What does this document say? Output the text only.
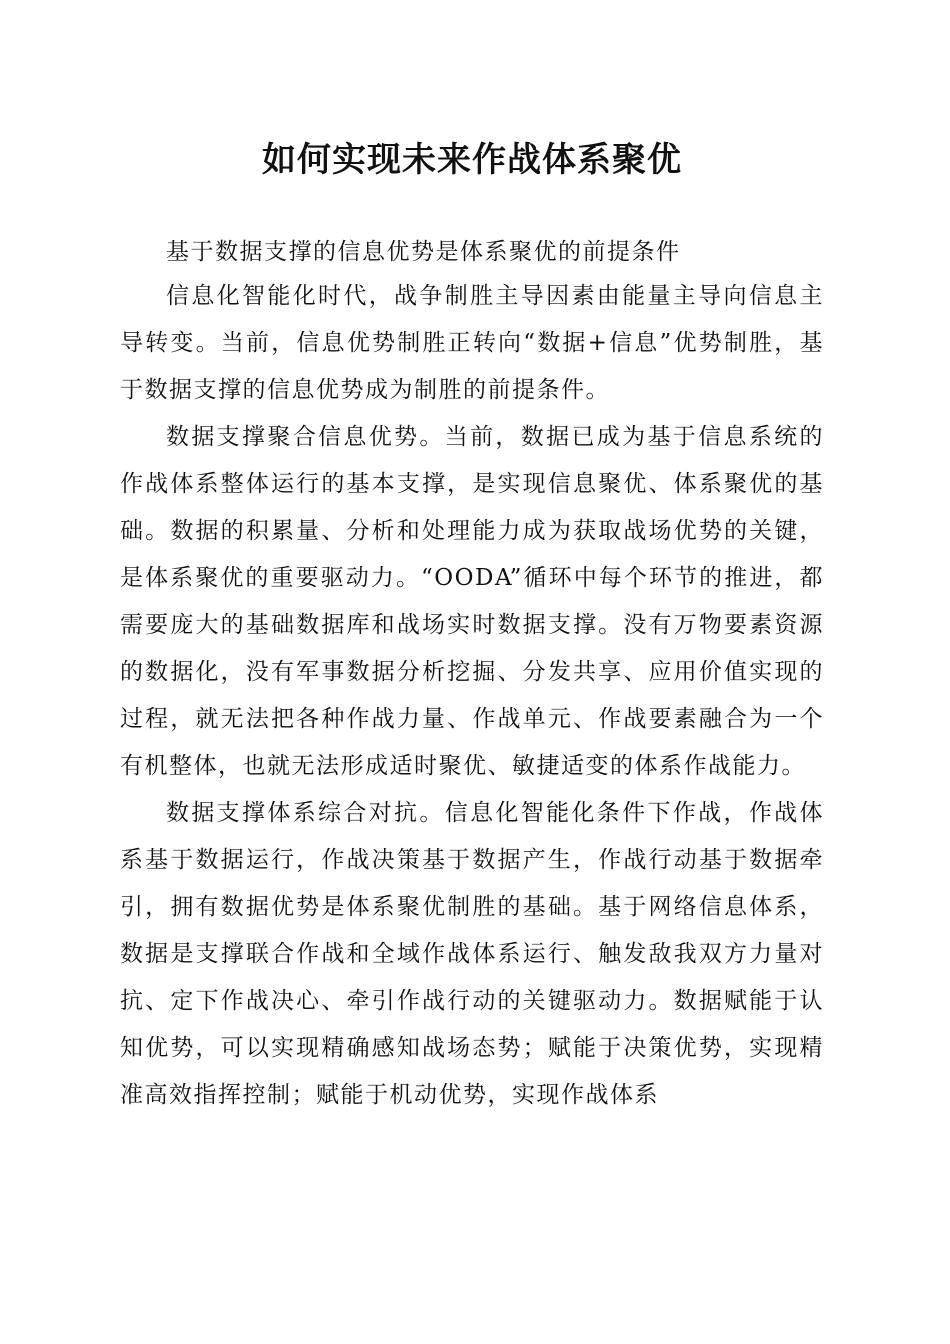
如何实现未来作战体系聚优

基于数据支撑的信息优势是体系聚优的前提条件

信息化智能化时代，战争制胜主导因素由能量主导向信息主导转变。当前，信息优势制胜正转向“数据+信息”优势制胜，基于数据支撑的信息优势成为制胜的前提条件。

数据支撑聚合信息优势。当前，数据已成为基于信息系统的作战体系整体运行的基本支撑，是实现信息聚优、体系聚优的基础。数据的积累量、分析和处理能力成为获取战场优势的关键，是体系聚优的重要驱动力。“OODA”循环中每个环节的推进，都需要庞大的基础数据库和战场实时数据支撑。没有万物要素资源的数据化，没有军事数据分析挖掘、分发共享、应用价值实现的过程，就无法把各种作战力量、作战单元、作战要素融合为一个有机整体，也就无法形成适时聚优、敏捷适变的体系作战能力。

数据支撑体系综合对抗。信息化智能化条件下作战，作战体系基于数据运行，作战决策基于数据产生，作战行动基于数据牵引，拥有数据优势是体系聚优制胜的基础。基于网络信息体系，数据是支撑联合作战和全域作战体系运行、触发敌我双方力量对抗、定下作战决心、牵引作战行动的关键驱动力。数据赋能于认知优势，可以实现精确感知战场态势；赋能于决策优势，实现精准高效指挥控制；赋能于机动优势，实现作战体系
